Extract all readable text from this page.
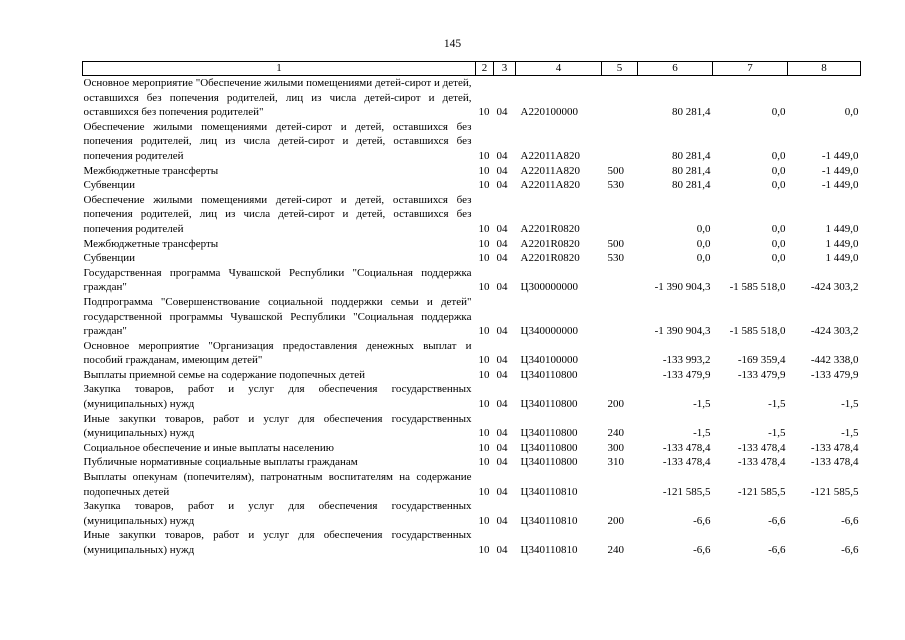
145
1	2	3	4	5	6	7	8
Основное мероприятие "Обеспечение жилыми помещениями детей-сирот и детей, оставшихся без попечения родителей, лиц из числа детей-сирот и детей, оставшихся без попечения родителей"	10	04	А220100000		80 281,4	0,0	0,0
Обеспечение жилыми помещениями детей-сирот и детей, оставшихся без попечения родителей, лиц из числа детей-сирот и детей, оставшихся без попечения родителей	10	04	А22011А820		80 281,4	0,0	-1 449,0
Межбюджетные трансферты	10	04	А22011А820	500	80 281,4	0,0	-1 449,0
Субвенции	10	04	А22011А820	530	80 281,4	0,0	-1 449,0
Обеспечение жилыми помещениями детей-сирот и детей, оставшихся без попечения родителей, лиц из числа детей-сирот и детей, оставшихся без попечения родителей	10	04	А2201R0820		0,0	0,0	1 449,0
Межбюджетные трансферты	10	04	А2201R0820	500	0,0	0,0	1 449,0
Субвенции	10	04	А2201R0820	530	0,0	0,0	1 449,0
Государственная программа Чувашской Республики "Социальная поддержка граждан"	10	04	Ц300000000		-1 390 904,3	-1 585 518,0	-424 303,2
Подпрограмма "Совершенствование социальной поддержки семьи и детей" государственной программы Чувашской Республики "Социальная поддержка граждан"	10	04	Ц340000000		-1 390 904,3	-1 585 518,0	-424 303,2
Основное мероприятие "Организация предоставления денежных выплат и пособий гражданам, имеющим детей"	10	04	Ц340100000		-133 993,2	-169 359,4	-442 338,0
Выплаты приемной семье на содержание подопечных детей	10	04	Ц340110800		-133 479,9	-133 479,9	-133 479,9
Закупка товаров, работ и услуг для обеспечения государственных (муниципальных) нужд	10	04	Ц340110800	200	-1,5	-1,5	-1,5
Иные закупки товаров, работ и услуг для обеспечения государственных (муниципальных) нужд	10	04	Ц340110800	240	-1,5	-1,5	-1,5
Социальное обеспечение и иные выплаты населению	10	04	Ц340110800	300	-133 478,4	-133 478,4	-133 478,4
Публичные нормативные социальные выплаты гражданам	10	04	Ц340110800	310	-133 478,4	-133 478,4	-133 478,4
Выплаты опекунам (попечителям), патронатным воспитателям на содержание подопечных детей	10	04	Ц340110810		-121 585,5	-121 585,5	-121 585,5
Закупка товаров, работ и услуг для обеспечения государственных (муниципальных) нужд	10	04	Ц340110810	200	-6,6	-6,6	-6,6
Иные закупки товаров, работ и услуг для обеспечения государственных (муниципальных) нужд	10	04	Ц340110810	240	-6,6	-6,6	-6,6
